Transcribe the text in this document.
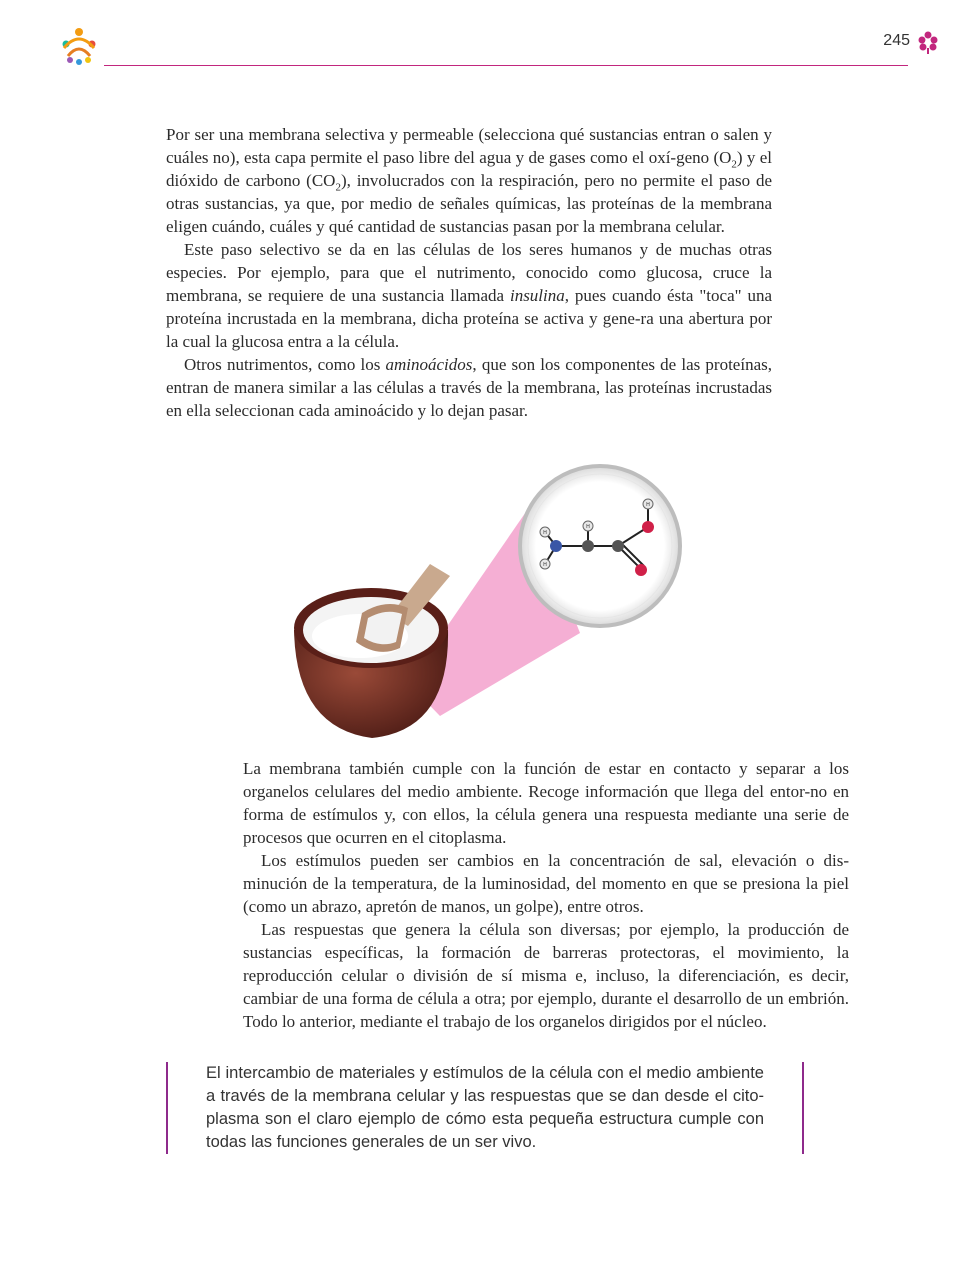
245

Por ser una membrana selectiva y permeable (selecciona qué sustancias entran o salen y cuáles no), esta capa permite el paso libre del agua y de gases como el oxí-geno $(O_2)$ y el dióxido de carbono $(CO_2)$, involucrados con la respiración, pero no permite el paso de otras sustancias, ya que, por medio de señales químicas, las proteínas de la membrana eligen cuándo, cuáles y qué cantidad de sustancias pasan por la membrana celular.

Este paso selectivo se da en las células de los seres humanos y de muchas otras especies. Por ejemplo, para que el nutrimento, conocido como glucosa, cruce la membrana, se requiere de una sustancia llamada insulina, pues cuando ésta "toca" una proteína incrustada en la membrana, dicha proteína se activa y gene-ra una abertura por la cual la glucosa entra a la célula.

Otros nutrimentos, como los aminoácidos, que son los componentes de las proteínas, entran de manera similar a las células a través de la membrana, las proteínas incrustadas en ella seleccionan cada aminoácido y lo dejan pasar.

H
H
H
H

La membrana también cumple con la función de estar en contacto y separar a los organelos celulares del medio ambiente. Recoge información que llega del entor-no en forma de estímulos y, con ellos, la célula genera una respuesta mediante una serie de procesos que ocurren en el citoplasma.

Los estímulos pueden ser cambios en la concentración de sal, elevación o dis-minución de la temperatura, de la luminosidad, del momento en que se presiona la piel (como un abrazo, apretón de manos, un golpe), entre otros.

Las respuestas que genera la célula son diversas; por ejemplo, la producción de sustancias específicas, la formación de barreras protectoras, el movimiento, la reproducción celular o división de sí misma e, incluso, la diferenciación, es decir, cambiar de una forma de célula a otra; por ejemplo, durante el desarrollo de un embrión. Todo lo anterior, mediante el trabajo de los organelos dirigidos por el núcleo.

El intercambio de materiales y estímulos de la célula con el medio ambiente a través de la membrana celular y las respuestas que se dan desde el cito-plasma son el claro ejemplo de cómo esta pequeña estructura cumple con todas las funciones generales de un ser vivo.
